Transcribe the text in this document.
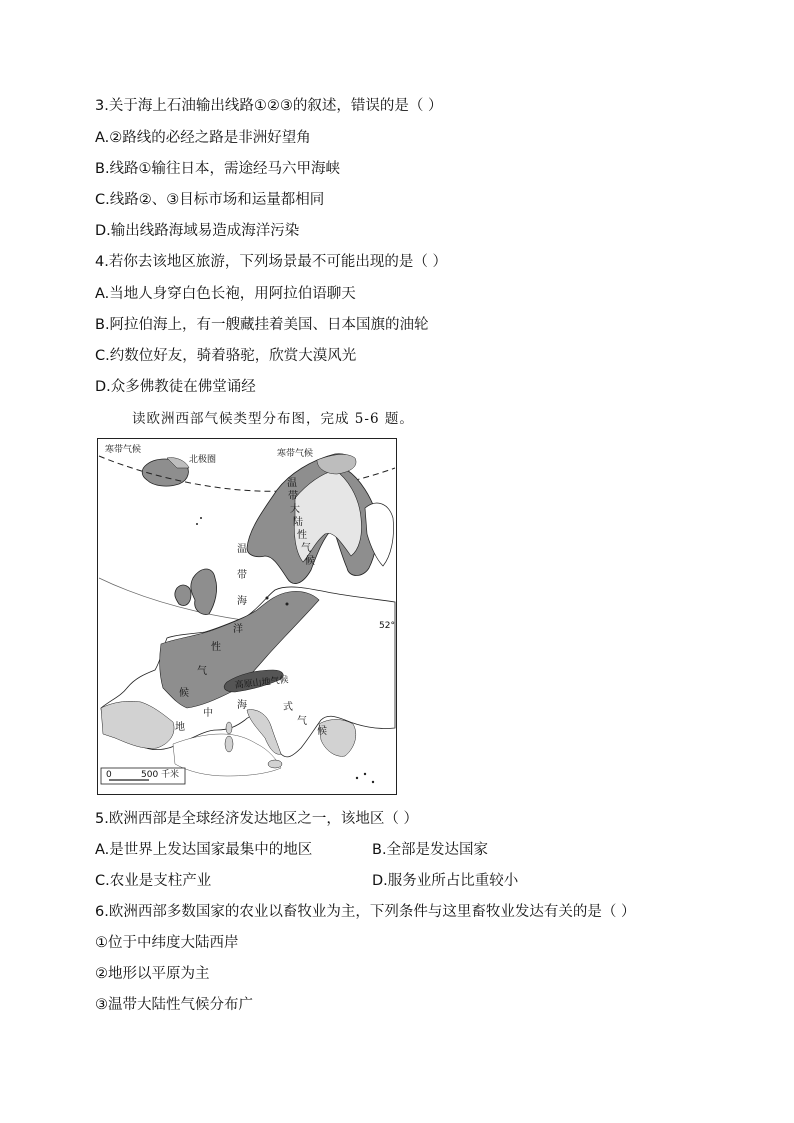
3.关于海上石油输出线路①②③的叙述，错误的是（ ）
A.②路线的必经之路是非洲好望角
B.线路①输往日本，需途经马六甲海峡
C.线路②、③目标市场和运量都相同
D.输出线路海域易造成海洋污染
4.若你去该地区旅游，下列场景最不可能出现的是（ ）
A.当地人身穿白色长袍，用阿拉伯语聊天
B.阿拉伯海上，有一艘藏挂着美国、日本国旗的油轮
C.约数位好友，骑着骆驼，欣赏大漠风光
D.众多佛教徒在佛堂诵经
读欧洲西部气候类型分布图，完成 5-6 题。
寒带气候	寒带气候
北极圈
52°
高原山地气候
温
带
大
陆
性
气
候
温
带
海
洋
性
气
候
地
中
海	式
气
候
0	500 千米
5.欧洲西部是全球经济发达地区之一，该地区（ ）
A.是世界上发达国家最集中的地区	B.全部是发达国家
C.农业是支柱产业	D.服务业所占比重较小
6.欧洲西部多数国家的农业以畜牧业为主，下列条件与这里畜牧业发达有关的是（ ）
①位于中纬度大陆西岸
②地形以平原为主
③温带大陆性气候分布广
